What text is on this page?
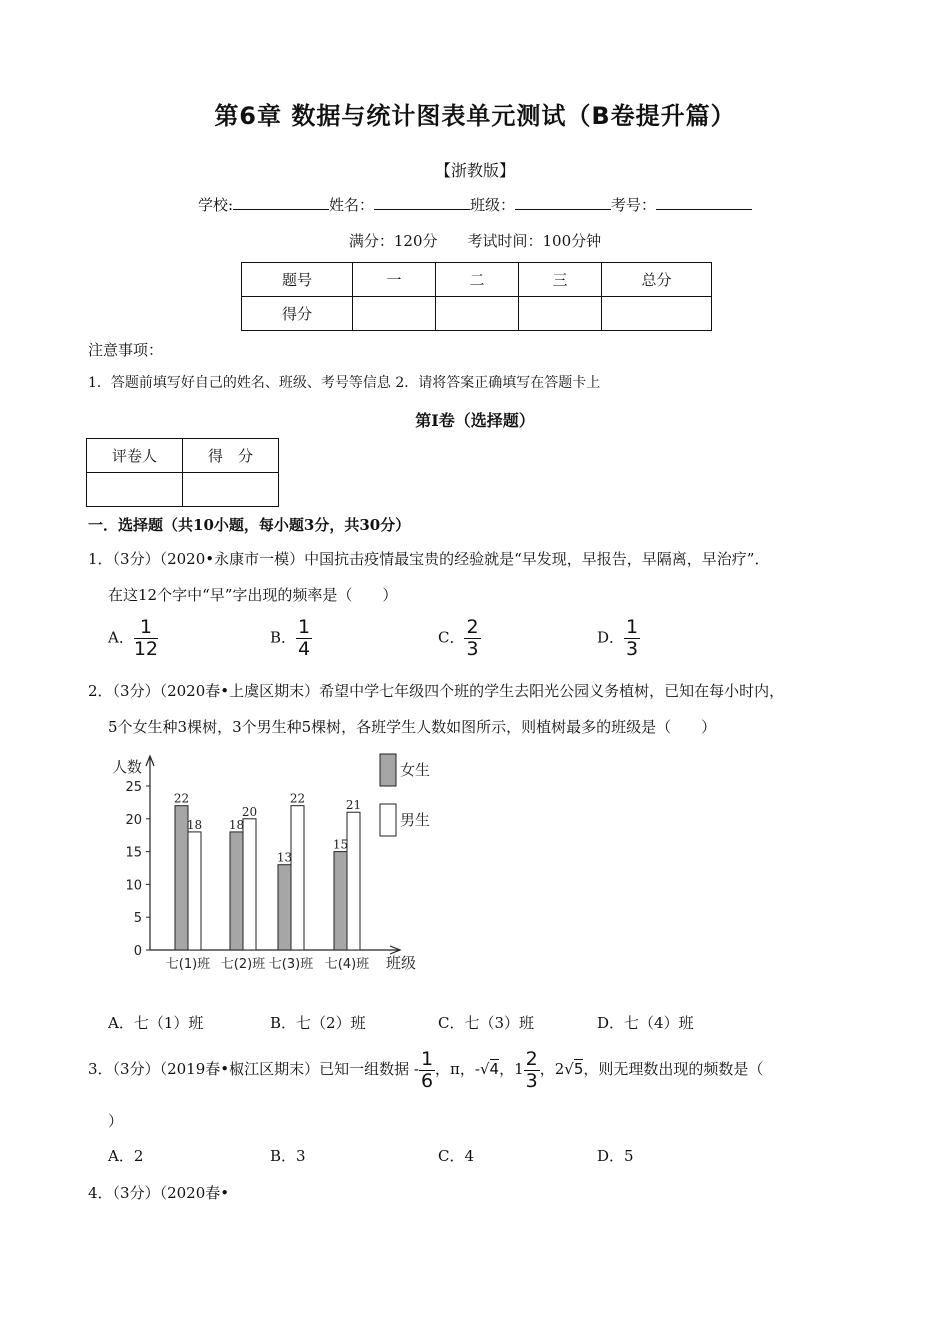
第6章 数据与统计图表单元测试（B卷提升篇）
【浙教版】
学校:	姓名：	班级：	考号：
满分：120分　　考试时间：100分钟
题号	一	二	三	总分
得分				
注意事项：
1．答题前填写好自己的姓名、班级、考号等信息 2．请将答案正确填写在答题卡上
第Ⅰ卷（选择题）
评卷人	得　分

一．选择题（共10小题，每小题3分，共30分）
1．（3分）（2020•永康市一模）中国抗击疫情最宝贵的经验就是“早发现，早报告，早隔离，早治疗”．
在这12个字中“早”字出现的频率是（　　）
A． $\frac{1}{12}$	B． $\frac{1}{4}$	C． $\frac{2}{3}$	D． $\frac{1}{3}$
2．（3分）（2020春•上虞区期末）希望中学七年级四个班的学生去阳光公园义务植树，已知在每小时内，
5个女生种3棵树，3个男生种5棵树，各班学生人数如图所示，则植树最多的班级是（　　）
人数
班级
0
5
10
15
20
25
22
18
七(1)班
18
20
七(2)班
13
22
七(3)班
15
21
七(4)班
女生
男生
A．七（1）班	B．七（2）班	C．七（3）班	D．七（4）班
3．（3分）（2019春•椒江区期末）已知一组数据 - $\frac{1}{6}$ ，π，-√4，$1 \frac{2}{3}$ ，2√5，则无理数出现的频数是（
）
A．2	B．3	C．4	D．5
4．（3分）（2020春•
